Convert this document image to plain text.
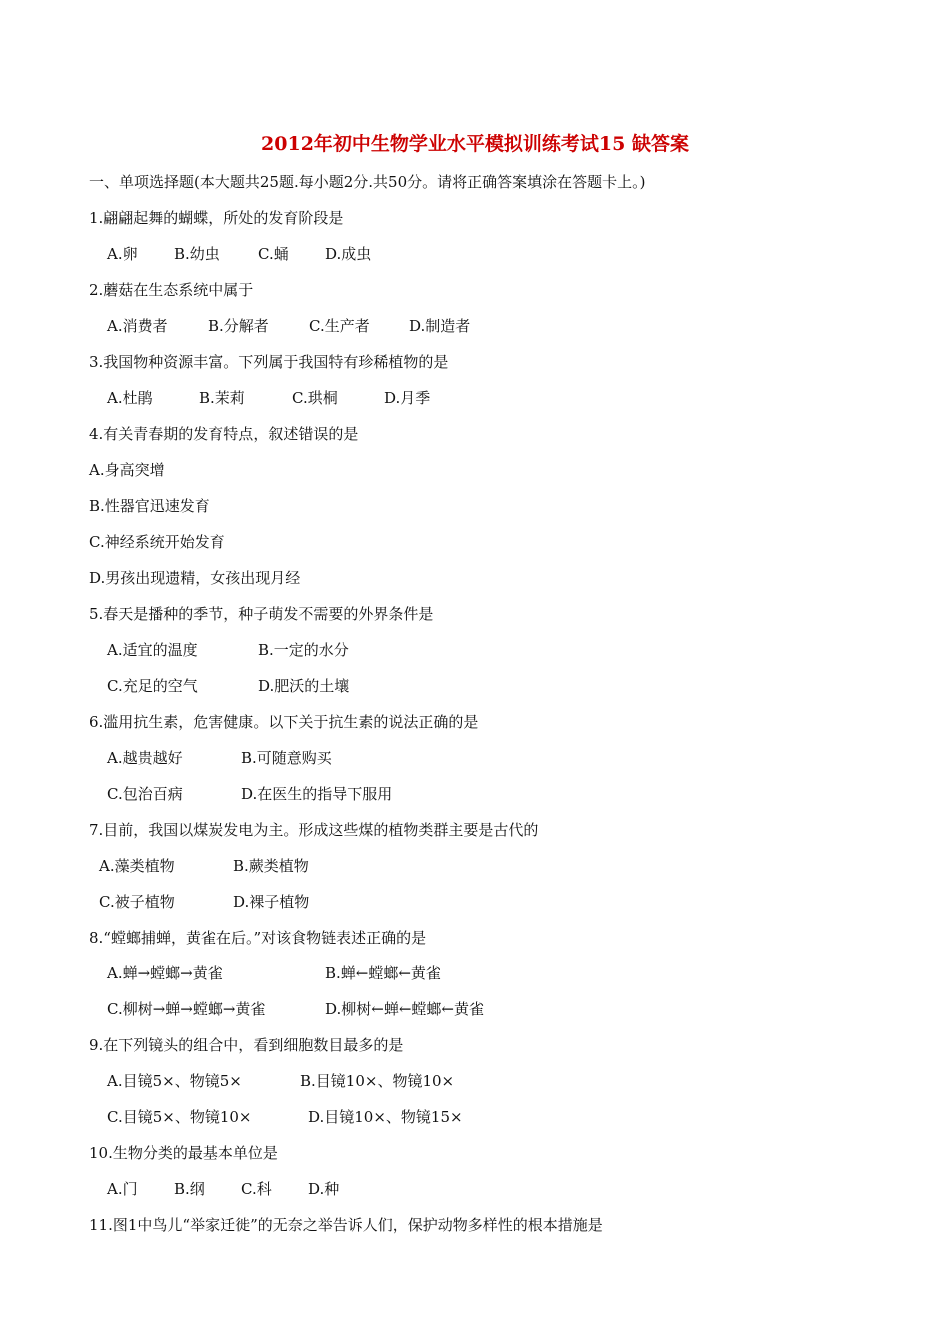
2012年初中生物学业水平模拟训练考试15 缺答案
一、单项选择题(本大题共25题.每小题2分.共50分。请将正确答案填涂在答题卡上。)
1.翩翩起舞的蝴蝶，所处的发育阶段是
A.卵 B.幼虫	C.蛹 D.成虫
2.蘑菇在生态系统中属于
A.消费者	B.分解者	C.生产者	D.制造者
3.我国物种资源丰富。下列属于我国特有珍稀植物的是
A.杜鹃	B.茉莉	C.珙桐	D.月季
4.有关青春期的发育特点，叙述错误的是
A.身高突增
B.性器官迅速发育
C.神经系统开始发育
D.男孩出现遗精，女孩出现月经
5.春天是播种的季节，种子萌发不需要的外界条件是
A.适宜的温度	B.一定的水分
C.充足的空气	D.肥沃的土壤
6.滥用抗生素，危害健康。以下关于抗生素的说法正确的是
A.越贵越好	B.可随意购买
C.包治百病	D.在医生的指导下服用
7.目前，我国以煤炭发电为主。形成这些煤的植物类群主要是古代的
A.藻类植物	B.蕨类植物
C.被子植物	D.裸子植物
8.“螳螂捕蝉，黄雀在后。”对该食物链表述正确的是
A.蝉→螳螂→黄雀	B.蝉←螳螂←黄雀
C.柳树→蝉→螳螂→黄雀	D.柳树←蝉←螳螂←黄雀
9.在下列镜头的组合中，看到细胞数目最多的是
A.目镜5×、物镜5×	B.目镜10×、物镜10×
C.目镜5×、物镜10×	D.目镜10×、物镜15×
10.生物分类的最基本单位是
A.门 B.纲 C.科 D.种
11.图1中鸟儿“举家迁徙”的无奈之举告诉人们，保护动物多样性的根本措施是
